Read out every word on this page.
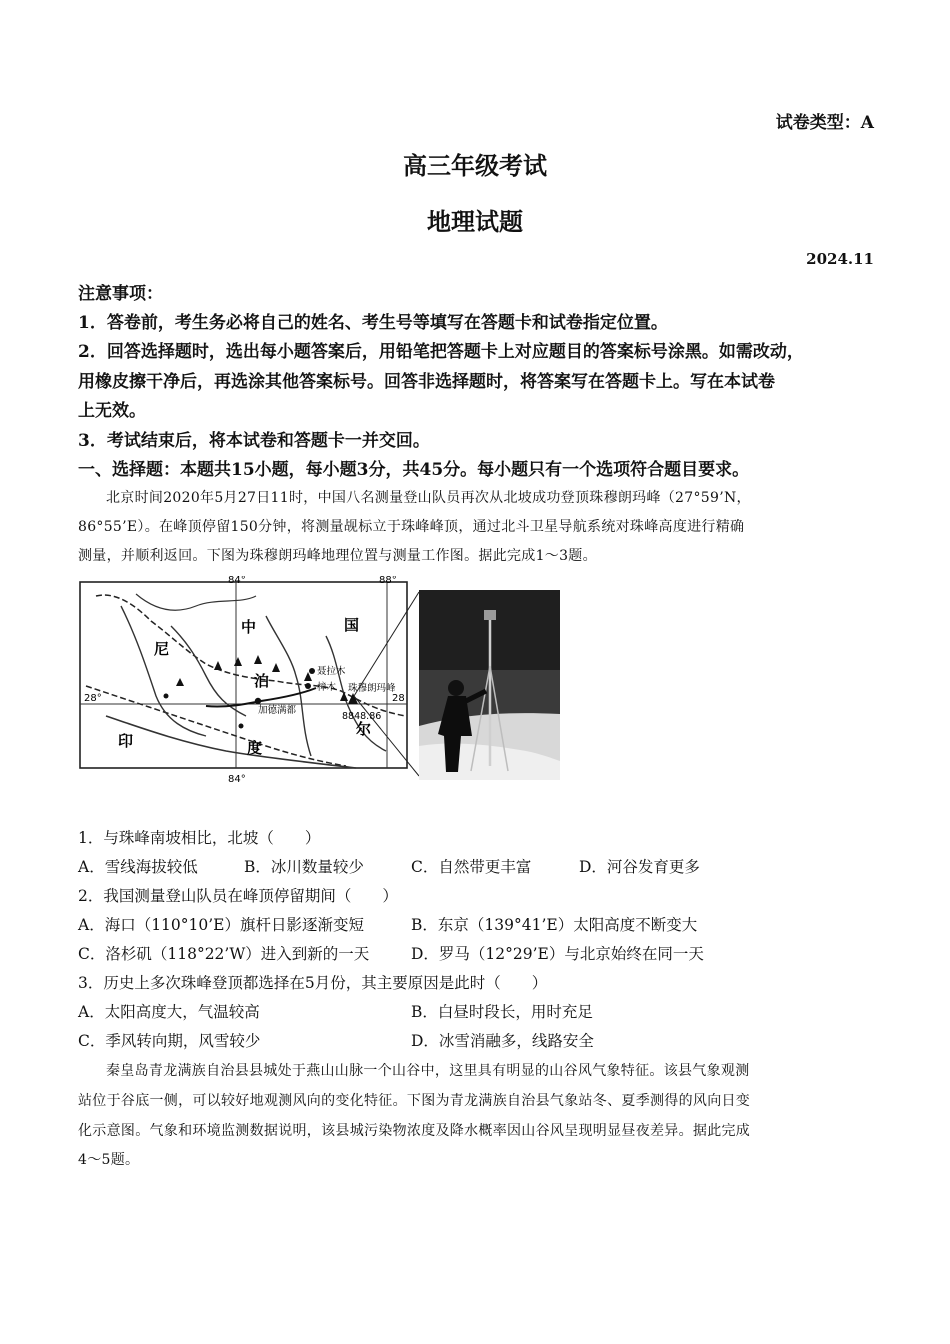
试卷类型：A
高三年级考试
地理试题
2024.11
注意事项：
1．答卷前，考生务必将自己的姓名、考生号等填写在答题卡和试卷指定位置。
2．回答选择题时，选出每小题答案后，用铅笔把答题卡上对应题目的答案标号涂黑。如需改动，
用橡皮擦干净后，再选涂其他答案标号。回答非选择题时，将答案写在答题卡上。写在本试卷
上无效。
3．考试结束后，将本试卷和答题卡一并交回。
一、选择题：本题共15小题，每小题3分，共45分。每小题只有一个选项符合题目要求。
北京时间2020年5月27日11时，中国八名测量登山队员再次从北坡成功登顶珠穆朗玛峰（27°59’N，
86°55’E）。在峰顶停留150分钟，将测量觇标立于珠峰峰顶，通过北斗卫星导航系统对珠峰高度进行精确
测量，并顺利返回。下图为珠穆朗玛峰地理位置与测量工作图。据此完成1～3题。
84°	88°
84°
28°	28
中	国
尼
泊
尔
印	度
聂拉木
樟木
加德满都
珠穆朗玛峰
8848.86
1．与珠峰南坡相比，北坡（　　）
A．雪线海拔较低	B．冰川数量较少	C．自然带更丰富	D．河谷发育更多
2．我国测量登山队员在峰顶停留期间（　　）
A．海口（110°10’E）旗杆日影逐渐变短	B．东京（139°41’E）太阳高度不断变大
C．洛杉矶（118°22’W）进入到新的一天	D．罗马（12°29’E）与北京始终在同一天
3．历史上多次珠峰登顶都选择在5月份，其主要原因是此时（　　）
A．太阳高度大，气温较高	B．白昼时段长，用时充足
C．季风转向期，风雪较少	D．冰雪消融多，线路安全
秦皇岛青龙满族自治县县城处于燕山山脉一个山谷中，这里具有明显的山谷风气象特征。该县气象观测
站位于谷底一侧，可以较好地观测风向的变化特征。下图为青龙满族自治县气象站冬、夏季测得的风向日变
化示意图。气象和环境监测数据说明，该县城污染物浓度及降水概率因山谷风呈现明显昼夜差异。据此完成
4～5题。
